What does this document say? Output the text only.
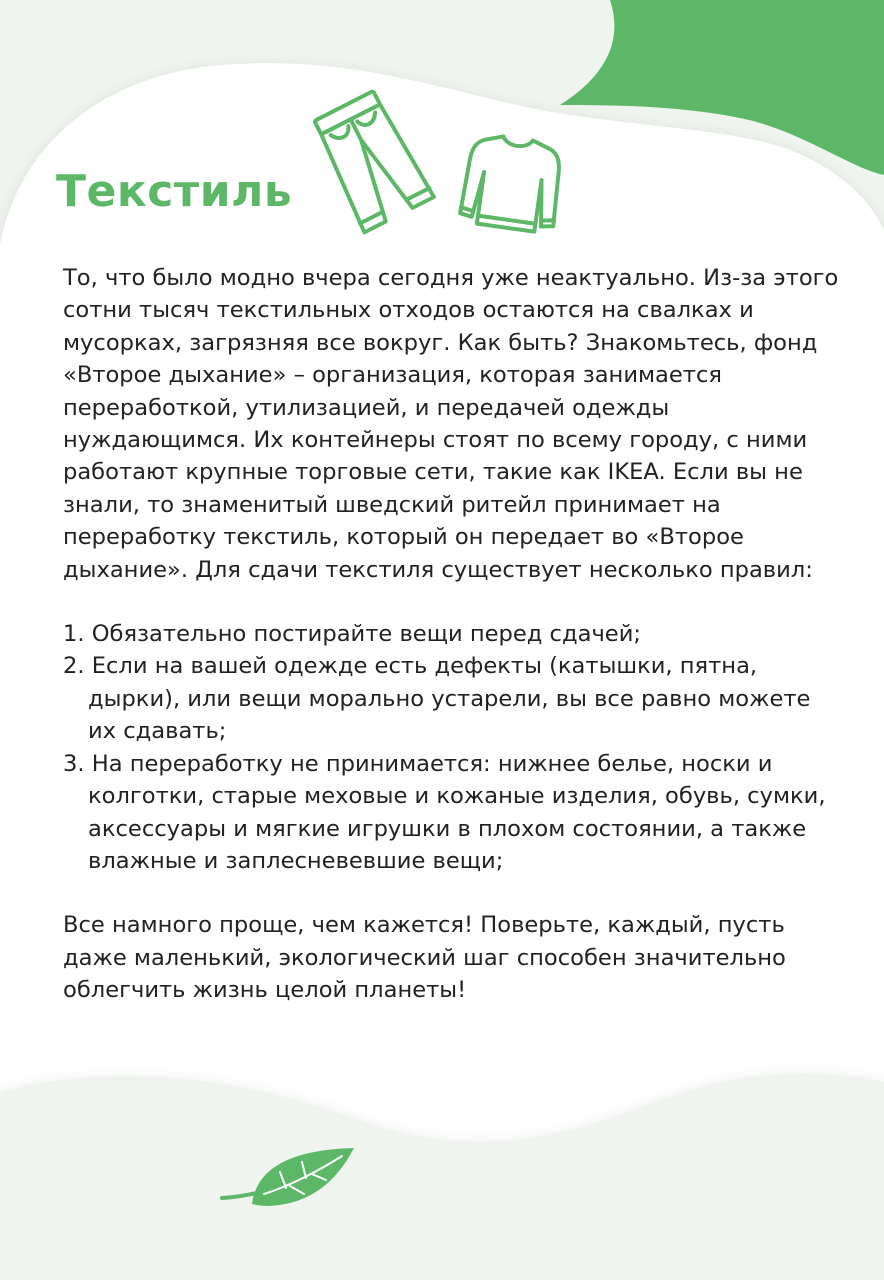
Текстиль

То, что было модно вчера сегодня уже неактуально. Из-за этого сотни тысяч текстильных отходов остаются на свалках и мусорках, загрязняя все вокруг. Как быть? Знакомьтесь, фонд «Второе дыхание» – организация, которая занимается переработкой, утилизацией, и передачей одежды нуждающимся. Их контейнеры стоят по всему городу, с ними работают крупные торговые сети, такие как IKEA. Если вы не знали, то знаменитый шведский ритейл принимает на переработку текстиль, который он передает во «Второе дыхание». Для сдачи текстиля существует несколько правил:

1. Обязательно постирайте вещи перед сдачей;
2. Если на вашей одежде есть дефекты (катышки, пятна, дырки), или вещи морально устарели, вы все равно можете их сдавать;
3. На переработку не принимается: нижнее белье, носки и колготки, старые меховые и кожаные изделия, обувь, сумки, аксессуары и мягкие игрушки в плохом состоянии, а также влажные и заплесневевшие вещи;

Все намного проще, чем кажется! Поверьте, каждый, пусть даже маленький, экологический шаг способен значительно облегчить жизнь целой планеты!
